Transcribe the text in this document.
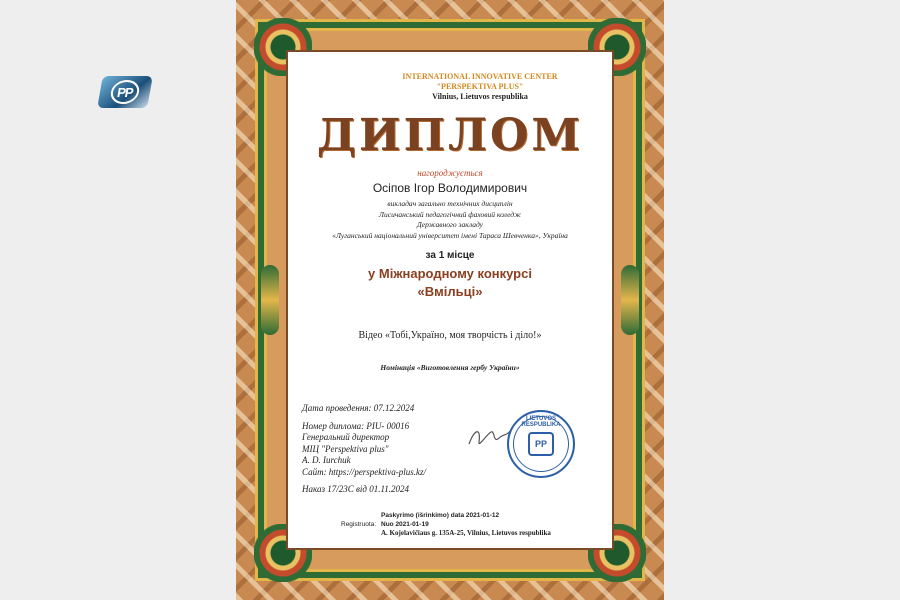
PP
INTERNATIONAL INNOVATIVE CENTER
"PERSPEKTIVA PLUS"
Vilnius, Lietuvos respublika
ДИПЛОМ
нагороджується
Осіпов Ігор Володимирович
викладач загально технічних дисциплін
Лисичанський педагогічний фаховий коледж
Державного закладу
«Луганський національний університет імені Тараса Шевченка», Україна
за 1 місце
у Міжнародному конкурсі
«Вмільці»
Відео «Тобі,Україно, моя творчість і діло!»
Номінація «Виготовлення гербу України»
Дата проведення: 07.12.2024
Номер диплома: PIU- 00016
Генеральний директор
МІЦ "Perspektiva plus"
A. D. Iurchuk
Сайт: https://perspektiva-plus.kz/
Наказ 17/23С від 01.11.2024
LIETUVOS RESPUBLIKA
PP
Paskyrimo (išrinkimo) data 2021-01-12
Registruota: Nuo 2021-01-19
A. Kojelavičiaus g. 135A-25, Vilnius, Lietuvos respublika
